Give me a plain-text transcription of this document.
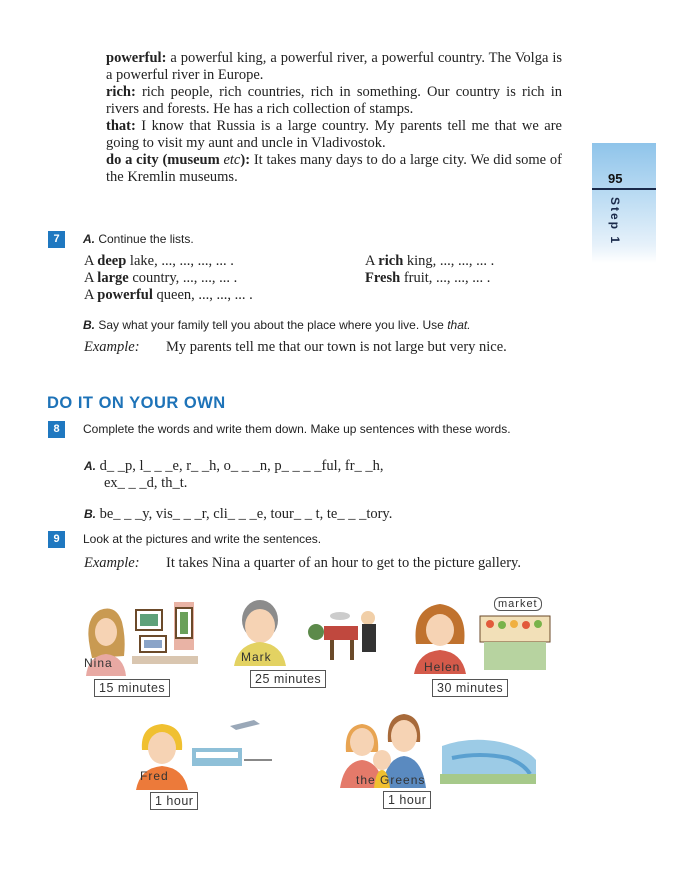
powerful: a powerful king, a powerful river, a powerful country. The Volga is a powerful river in Europe.

rich: rich people, rich countries, rich in something. Our country is rich in rivers and forests. He has a rich collection of stamps.

that: I know that Russia is a large country. My parents tell me that we are going to visit my aunt and uncle in Vladivostok.

do a city (museum etc): It takes many days to do a large city. We did some of the Kremlin museums.	95
Step 1
7	A. Continue the lists.
A deep lake, ..., ..., ..., ... .	A rich king, ..., ..., ... .
A large country, ..., ..., ... .	Fresh fruit, ..., ..., ... .
A powerful queen, ..., ..., ... .
B. Say what your family tell you about the place where you live. Use that.
Example: My parents tell me that our town is not large but very nice.

DO IT ON YOUR OWN
8	Complete the words and write them down. Make up sentences with these words.
A. d_ _p, l_ _ _e, r_ _h, o_ _ _n, p_ _ _ _ful, fr_ _h,
ex_ _ _d, th_t.
B. be_ _ _y, vis_ _ _r, cli_ _ _e, tour_ _ t, te_ _ _tory.
9	Look at the pictures and write the sentences.
Example: It takes Nina a quarter of an hour to get to the picture gallery.

Nina
15 minutes
Mark
25 minutes
market
Helen
30 minutes
Fred
1 hour
the Greens
1 hour
